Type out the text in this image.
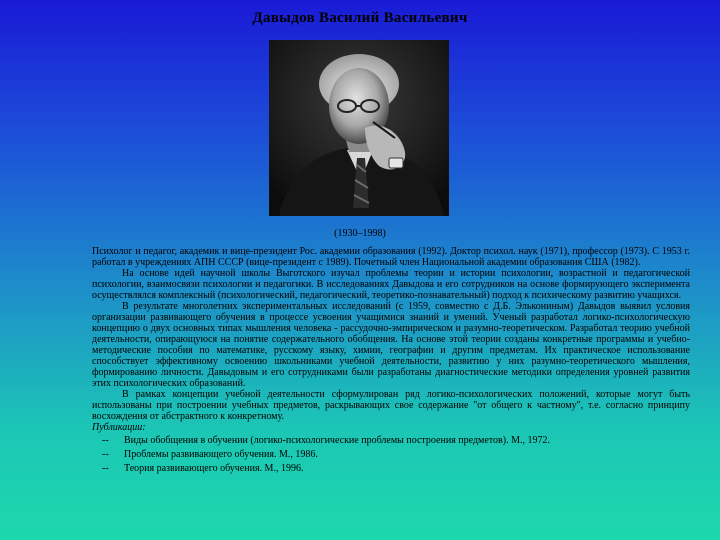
Давыдов Василий Васильевич
(1930–1998)

Психолог и педагог, академик и вице-президент Рос. академии образования (1992). Доктор психол. наук (1971), профессор (1973). С 1953 г. работал в учреждениях АПН СССР (вице-президент с 1989). Почетный член Национальной академии образования США (1982).

На основе идей научной школы Выготского изучал проблемы теории и истории психологии, возрастной и педагогической психологии, взаимосвязи психологии и педагогики. В исследованиях Давыдова и его сотрудников на основе формирующего эксперимента осуществлялся комплексный (психологический, педагогический, теоретико-познавательный) подход к психическому развитию учащихся.

В результате многолетних экспериментальных исследований (с 1959, совместно с Д.Б. Элькониным) Давыдов выявил условия организации развивающего обучения в процессе усвоения учащимися знаний и умений. Ученый разработал логико-психологическую концепцию о двух основных типах мышления человека - рассудочно-эмпирическом и разумно-теоретическом. Разработал теорию учебной деятельности, опирающуюся на понятие содержательного обобщения. На основе этой теории созданы конкретные программы и учебно-методические пособия по математике, русскому языку, химии, географии и другим предметам. Их практическое использование способствует эффективному освоению школьниками учебной деятельности, развитию у них разумно-теоретического мышления, формированию личности. Давыдовым и его сотрудниками были разработаны диагностические методики определения уровней развития этих психологических образований.

В рамках концепции учебной деятельности сформулирован ряд логико-психологических положений, которые могут быть использованы при построении учебных предметов, раскрывающих свое содержание "от общего к частному", т.е. согласно принципу восхождения от абстрактного к конкретному.

Публикации:

-- Виды обобщения в обучении (логико-психологические проблемы построения предметов). М., 1972.
-- Проблемы развивающего обучения. М., 1986.
-- Теория развивающего обучения. М., 1996.
